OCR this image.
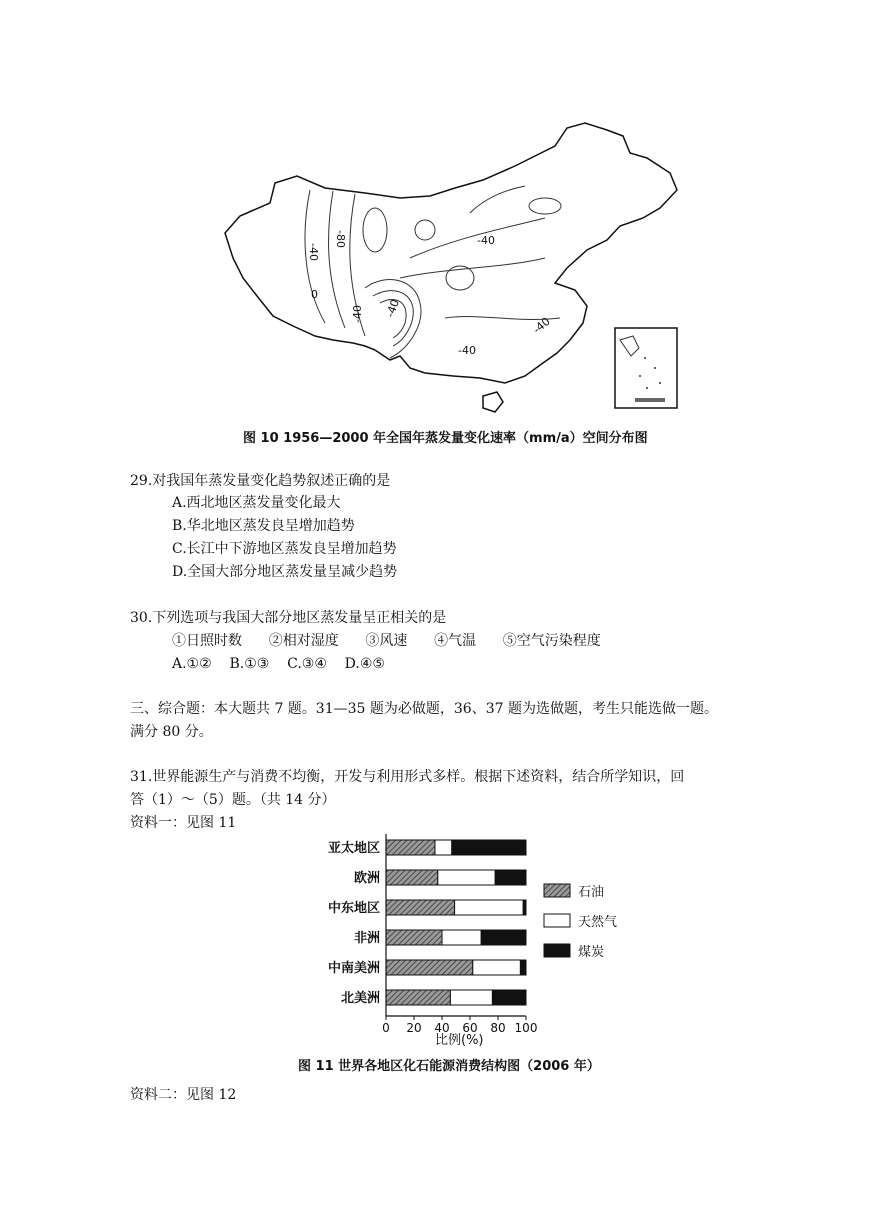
-40
-80
0
-40
-40 -40
-40
-40
图 10 1956—2000 年全国年蒸发量变化速率（mm/a）空间分布图
29.对我国年蒸发量变化趋势叙述正确的是
A.西北地区蒸发量变化最大
B.华北地区蒸发良呈增加趋势
C.长江中下游地区蒸发良呈增加趋势
D.全国大部分地区蒸发量呈减少趋势
30.下列选项与我国大部分地区蒸发量呈正相关的是
①日照时数      ②相对湿度      ③风速      ④气温      ⑤空气污染程度
A.①②    B.①③    C.③④    D.④⑤
三、综合题：本大题共 7 题。31—35 题为必做题，36、37 题为选做题，考生只能选做一题。
满分 80 分。
31.世界能源生产与消费不均衡，开发与利用形式多样。根据下述资料，结合所学知识，回
答（1）～（5）题。（共 14 分）
资料一：见图 11
亚太地区
欧洲
中东地区
非洲
中南美洲
北美洲
0 20 40 60 80 100
石油
天然气
煤炭
比例(%)
图 11 世界各地区化石能源消费结构图（2006 年）
资料二：见图 12
